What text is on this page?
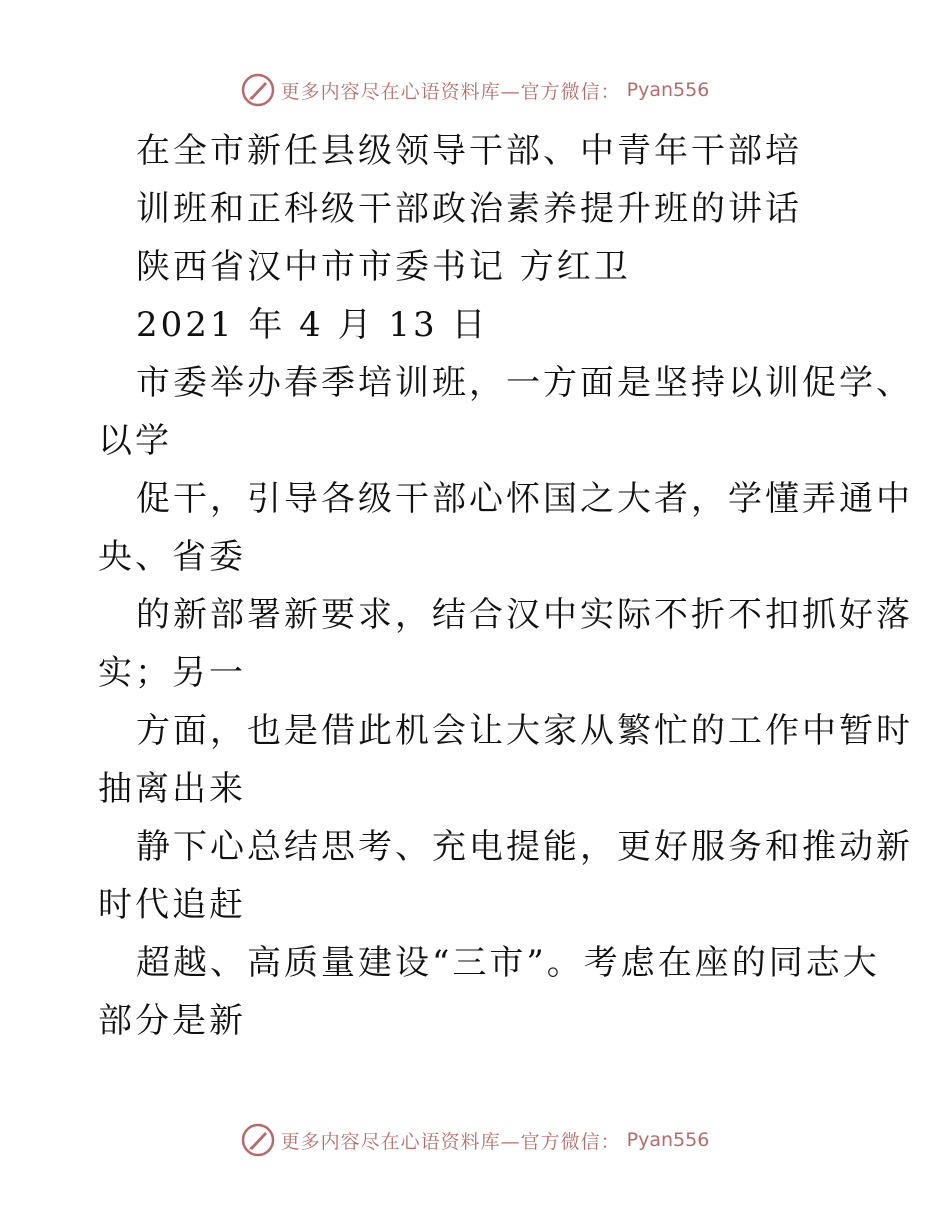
更多内容尽在心语资料库—官方微信： Pyan556
在全市新任县级领导干部、中青年干部培
训班和正科级干部政治素养提升班的讲话
陕西省汉中市市委书记 方红卫
2021 年 4 月 13 日
市委举办春季培训班，一方面是坚持以训促学、
以学
促干，引导各级干部心怀国之大者，学懂弄通中
央、省委
的新部署新要求，结合汉中实际不折不扣抓好落
实；另一
方面，也是借此机会让大家从繁忙的工作中暂时
抽离出来
静下心总结思考、充电提能，更好服务和推动新
时代追赶
超越、高质量建设“三市”。考虑在座的同志大
部分是新
更多内容尽在心语资料库—官方微信： Pyan556
